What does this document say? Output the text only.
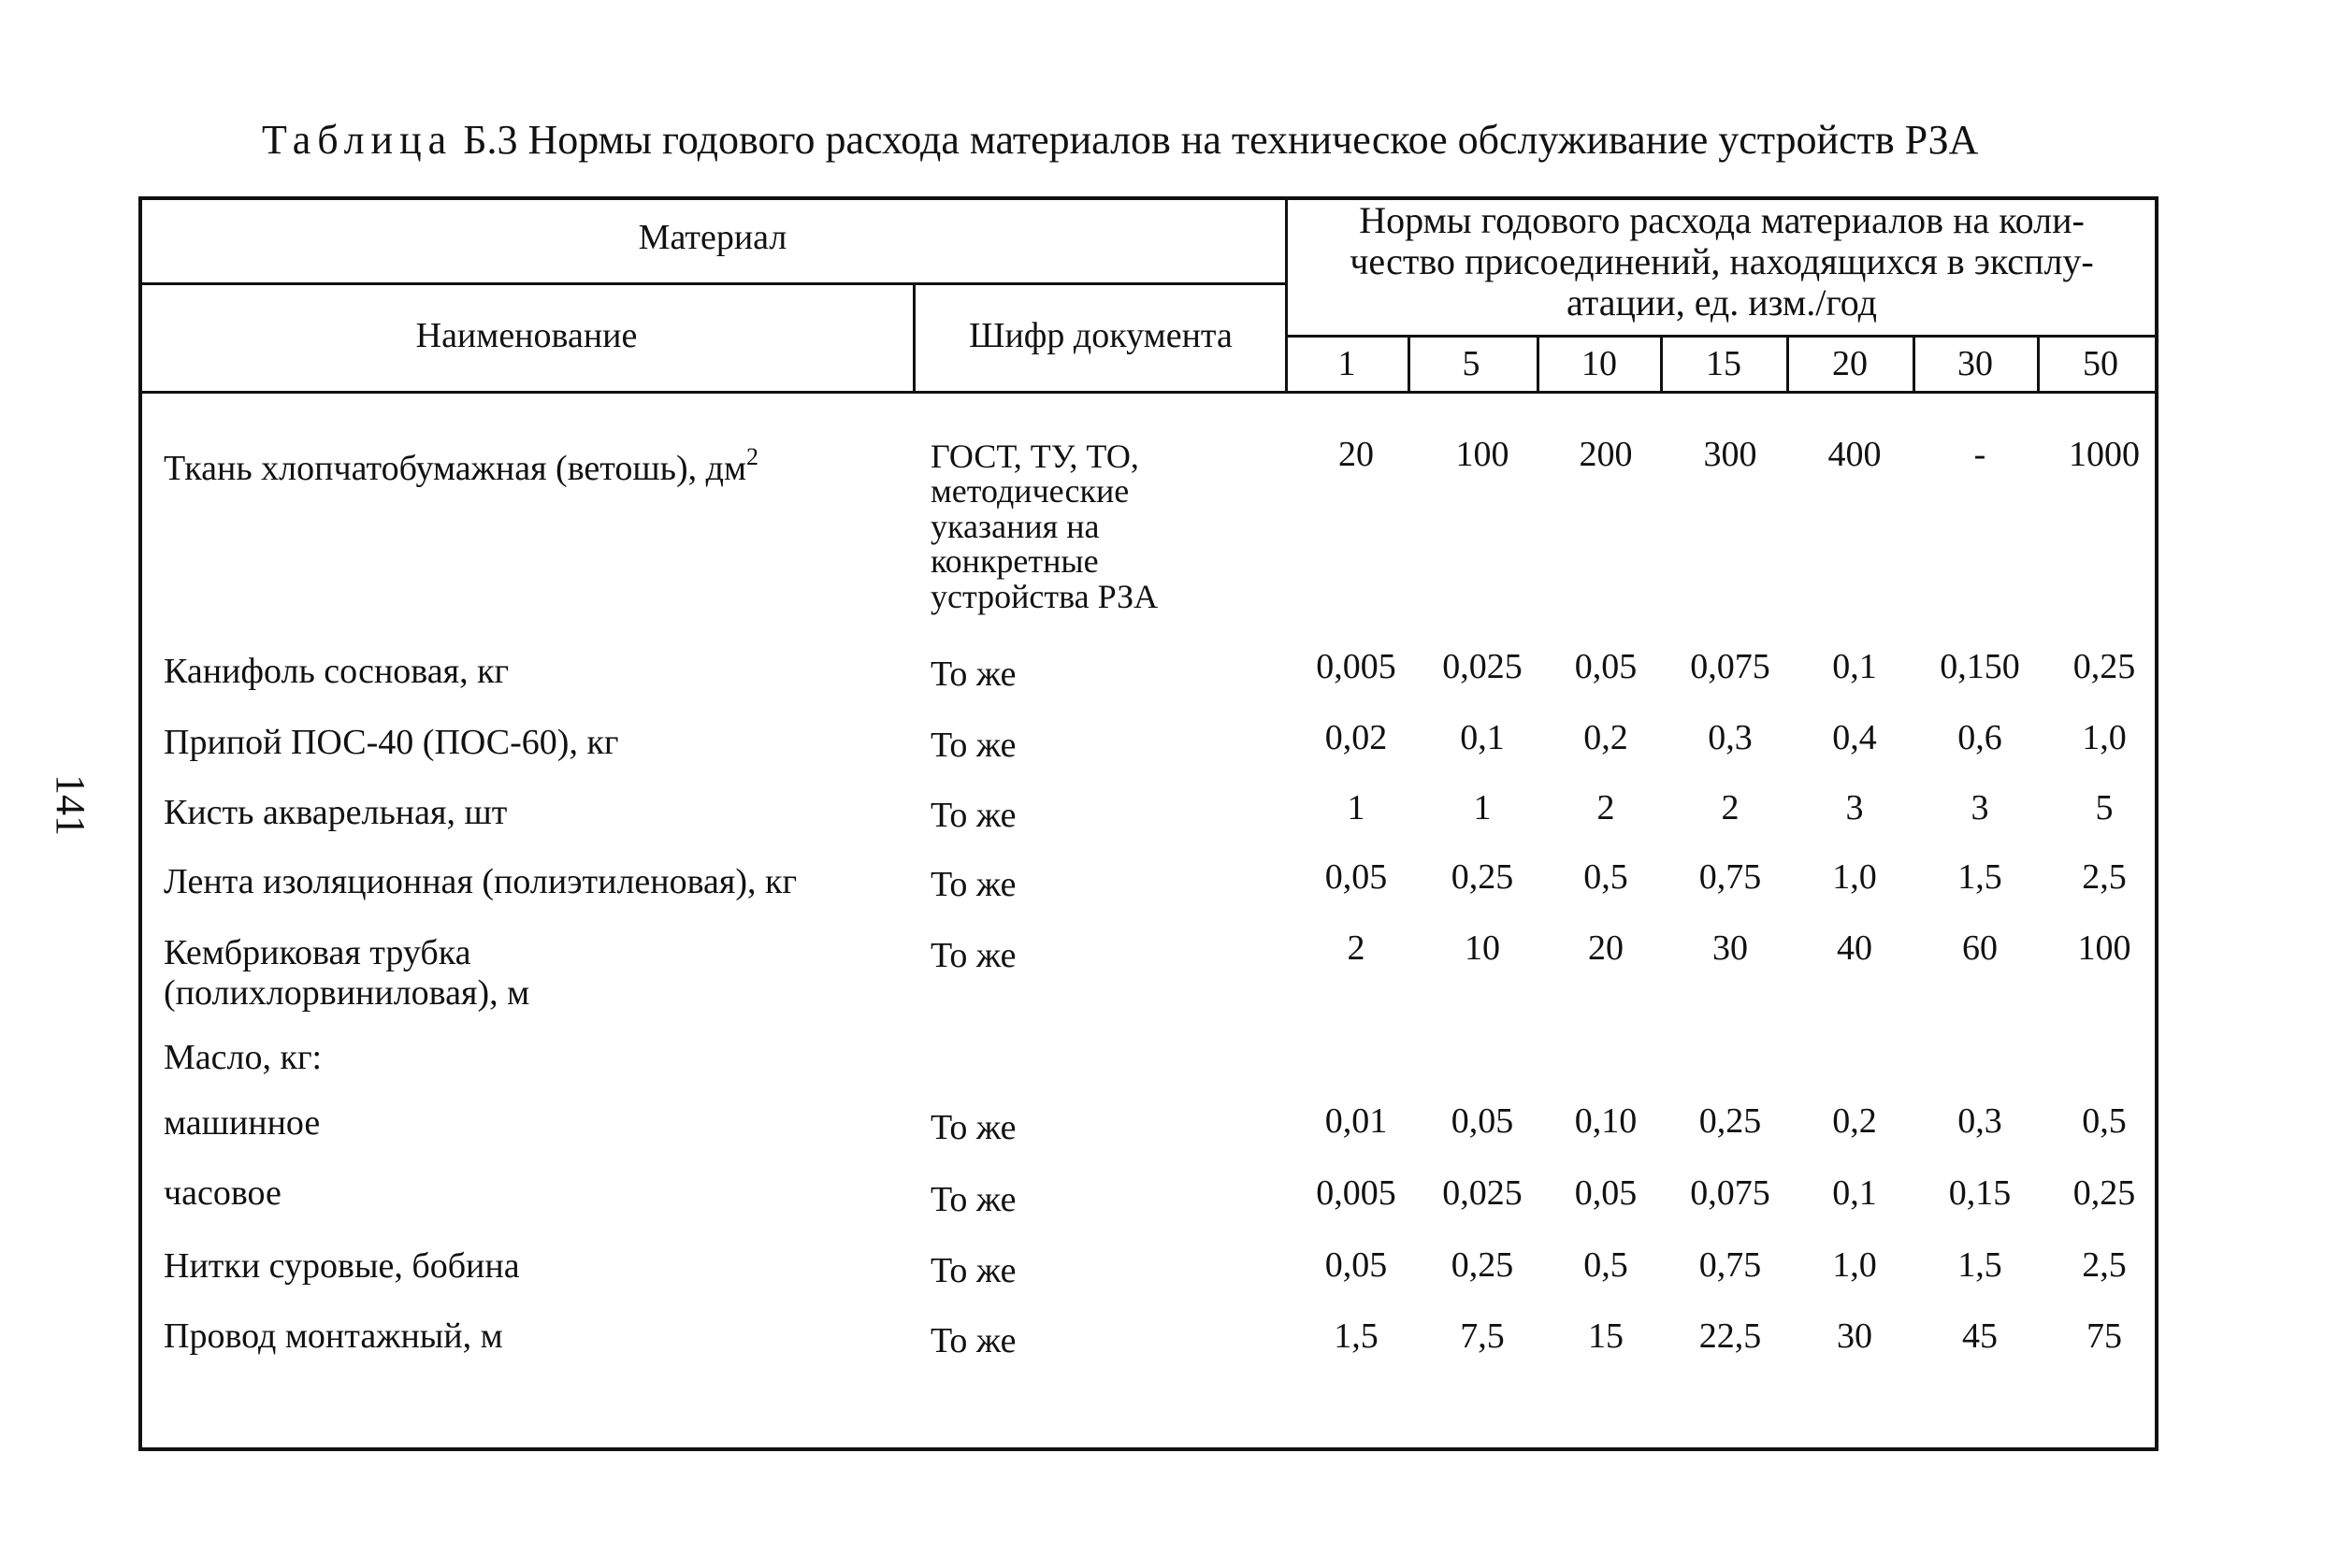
Таблица Б.3 Нормы годового расхода материалов на техническое обслуживание устройств РЗА
141
Материал
Наименование	Шифр документа
Нормы годового расхода материалов на коли-
чество присоединений, находящихся в эксплу-
атации, ед. изм./год
1	5	10	15	20	30	50
Ткань хлопчатобумажная (ветошь), $дм^2$	ГОСТ, ТУ, ТО,
методические
указания на
конкретные
устройства РЗА
20	100	200	300	400	-	1000
Канифоль сосновая, кг	То же	0,005	0,025	0,05	0,075	0,1	0,150	0,25
Припой ПОС-40 (ПОС-60), кг	То же	0,02	0,1	0,2	0,3	0,4	0,6	1,0
Кисть акварельная, шт	То же	1	1	2	2	3	3	5
Лента изоляционная (полиэтиленовая), кг	То же	0,05	0,25	0,5	0,75	1,0	1,5	2,5
Кембриковая трубка
(полихлорвиниловая), м
То же	2	10	20	30	40	60	100
Масло, кг:
машинное	То же	0,01	0,05	0,10	0,25	0,2	0,3	0,5
часовое	То же	0,005	0,025	0,05	0,075	0,1	0,15	0,25
Нитки суровые, бобина	То же	0,05	0,25	0,5	0,75	1,0	1,5	2,5
Провод монтажный, м	То же	1,5	7,5	15	22,5	30	45	75
